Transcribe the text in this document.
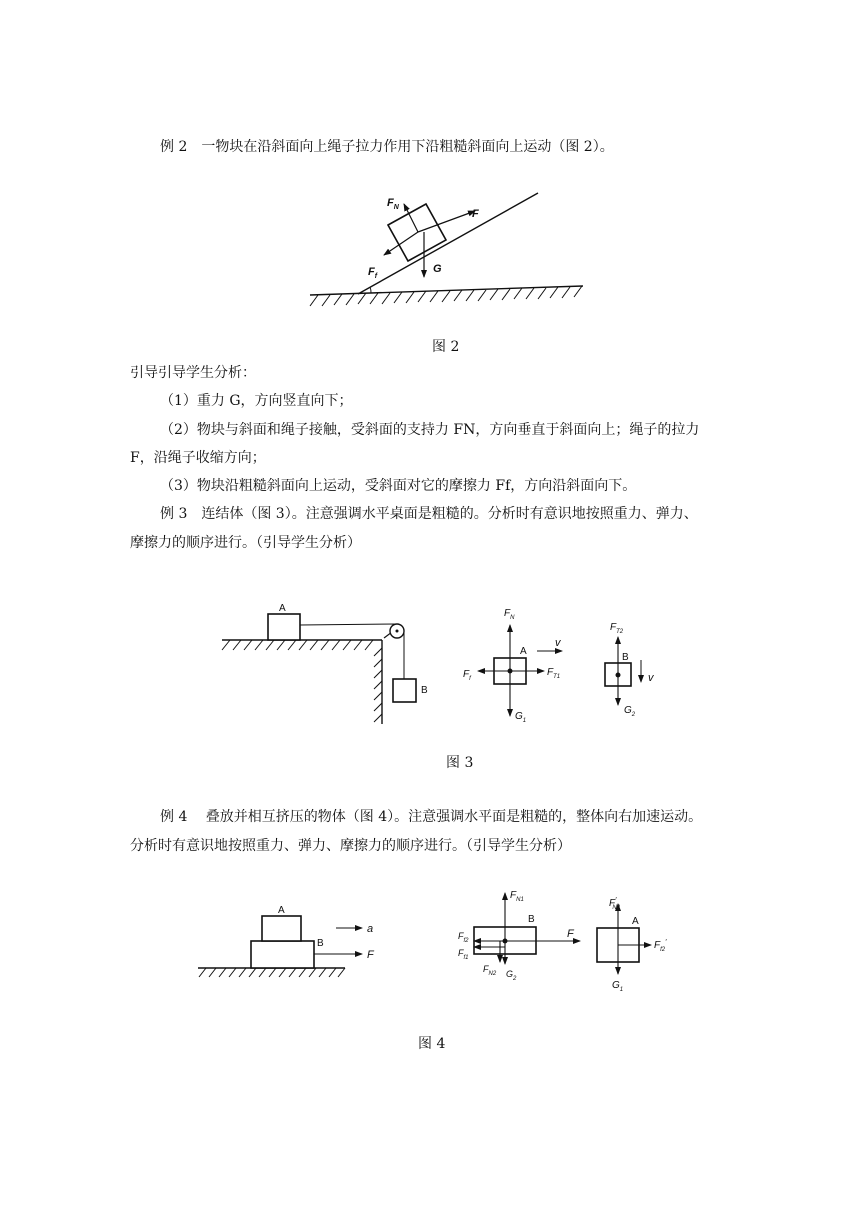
例 2　一物块在沿斜面向上绳子拉力作用下沿粗糙斜面向上运动（图 2）。
$F_N$
F
$F_f$
G
图 2
引导引导学生分析：
（1）重力 G，方向竖直向下；
（2）物块与斜面和绳子接触，受斜面的支持力 FN，方向垂直于斜面向上；绳子的拉力
F，沿绳子收缩方向；
（3）物块沿粗糙斜面向上运动，受斜面对它的摩擦力 Ff，方向沿斜面向下。
例 3　连结体（图 3）。注意强调水平桌面是粗糙的。分析时有意识地按照重力、弹力、
摩擦力的顺序进行。（引导学生分析）
A
B
$F_N$
A
v
$F_f$
$F_{T1}$
$G_1$
$F_{T2}$
B
v
$G_2$
图 3
例 4　 叠放并相互挤压的物体（图 4）。注意强调水平面是粗糙的，整体向右加速运动。
分析时有意识地按照重力、弹力、摩擦力的顺序进行。（引导学生分析）
A
B
a
F
$F_{N1}$
B
F
$F_{f2}$
$F_{f1}$
$F_{N2}$ $G_2$
F′ N2
A
$F_{f2}'$
$G_1$
图 4
